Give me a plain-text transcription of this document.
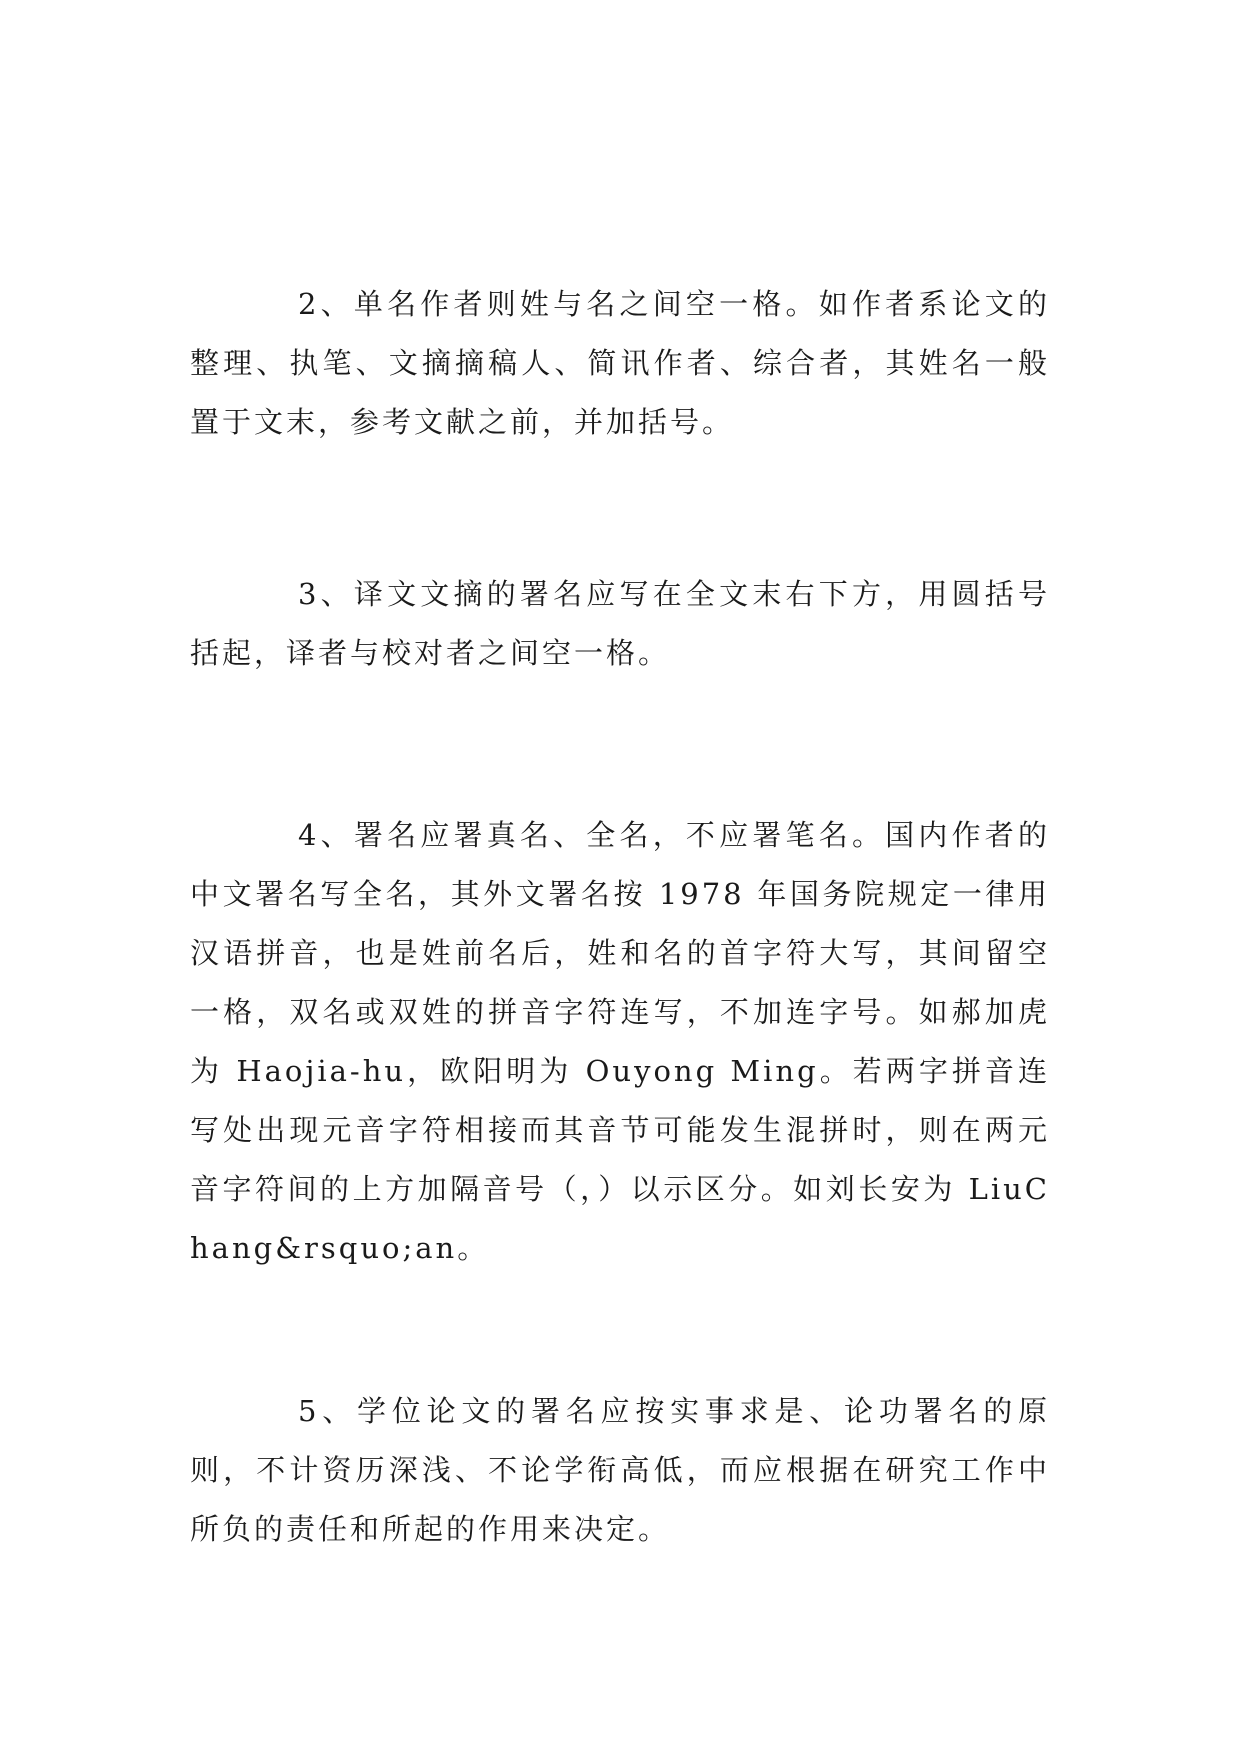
2、单名作者则姓与名之间空一格。如作者系论文的整理、执笔、文摘摘稿人、简讯作者、综合者，其姓名一般置于文末，参考文献之前，并加括号。

3、译文文摘的署名应写在全文末右下方，用圆括号括起，译者与校对者之间空一格。

4、署名应署真名、全名，不应署笔名。国内作者的中文署名写全名，其外文署名按 1978 年国务院规定一律用汉语拼音，也是姓前名后，姓和名的首字符大写，其间留空一格，双名或双姓的拼音字符连写，不加连字号。如郝加虎为 Haojia-hu，欧阳明为 Ouyong Ming。若两字拼音连写处出现元音字符相接而其音节可能发生混拼时，则在两元音字符间的上方加隔音号（，）以示区分。如刘长安为 LiuChang&rsquo;an。

5、学位论文的署名应按实事求是、论功署名的原则，不计资历深浅、不论学衔高低，而应根据在研究工作中所负的责任和所起的作用来决定。
